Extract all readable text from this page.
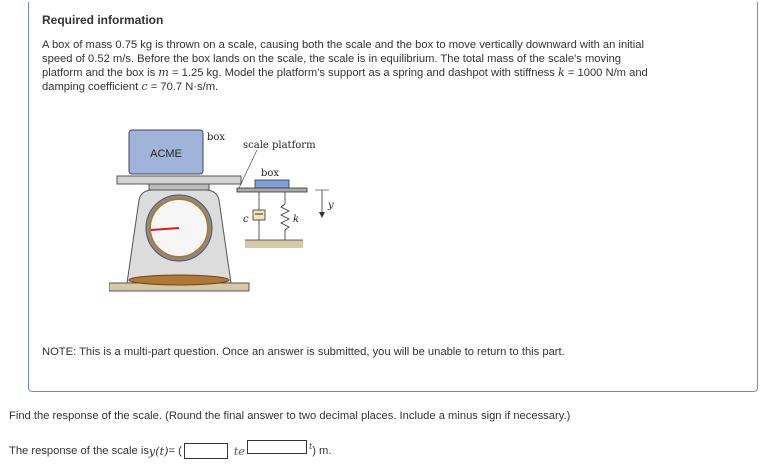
Required information
A box of mass 0.75 kg is thrown on a scale, causing both the scale and the box to move vertically downward with an initial
speed of 0.52 m/s. Before the box lands on the scale, the scale is in equilibrium. The total mass of the scale's moving
platform and the box is m = 1.25 kg. Model the platform's support as a spring and dashpot with stiffness k = 1000 N/m and
damping coefficient c = 70.7 N·s/m.
ACME
box
scale platform
box
c	k
y
NOTE: This is a multi-part question. Once an answer is submitted, you will be unable to return to this part.
Find the response of the scale. (Round the final answer to two decimal places. Include a minus sign if necessary.)
The response of the scale is y(t) = (	te	t ) m.
